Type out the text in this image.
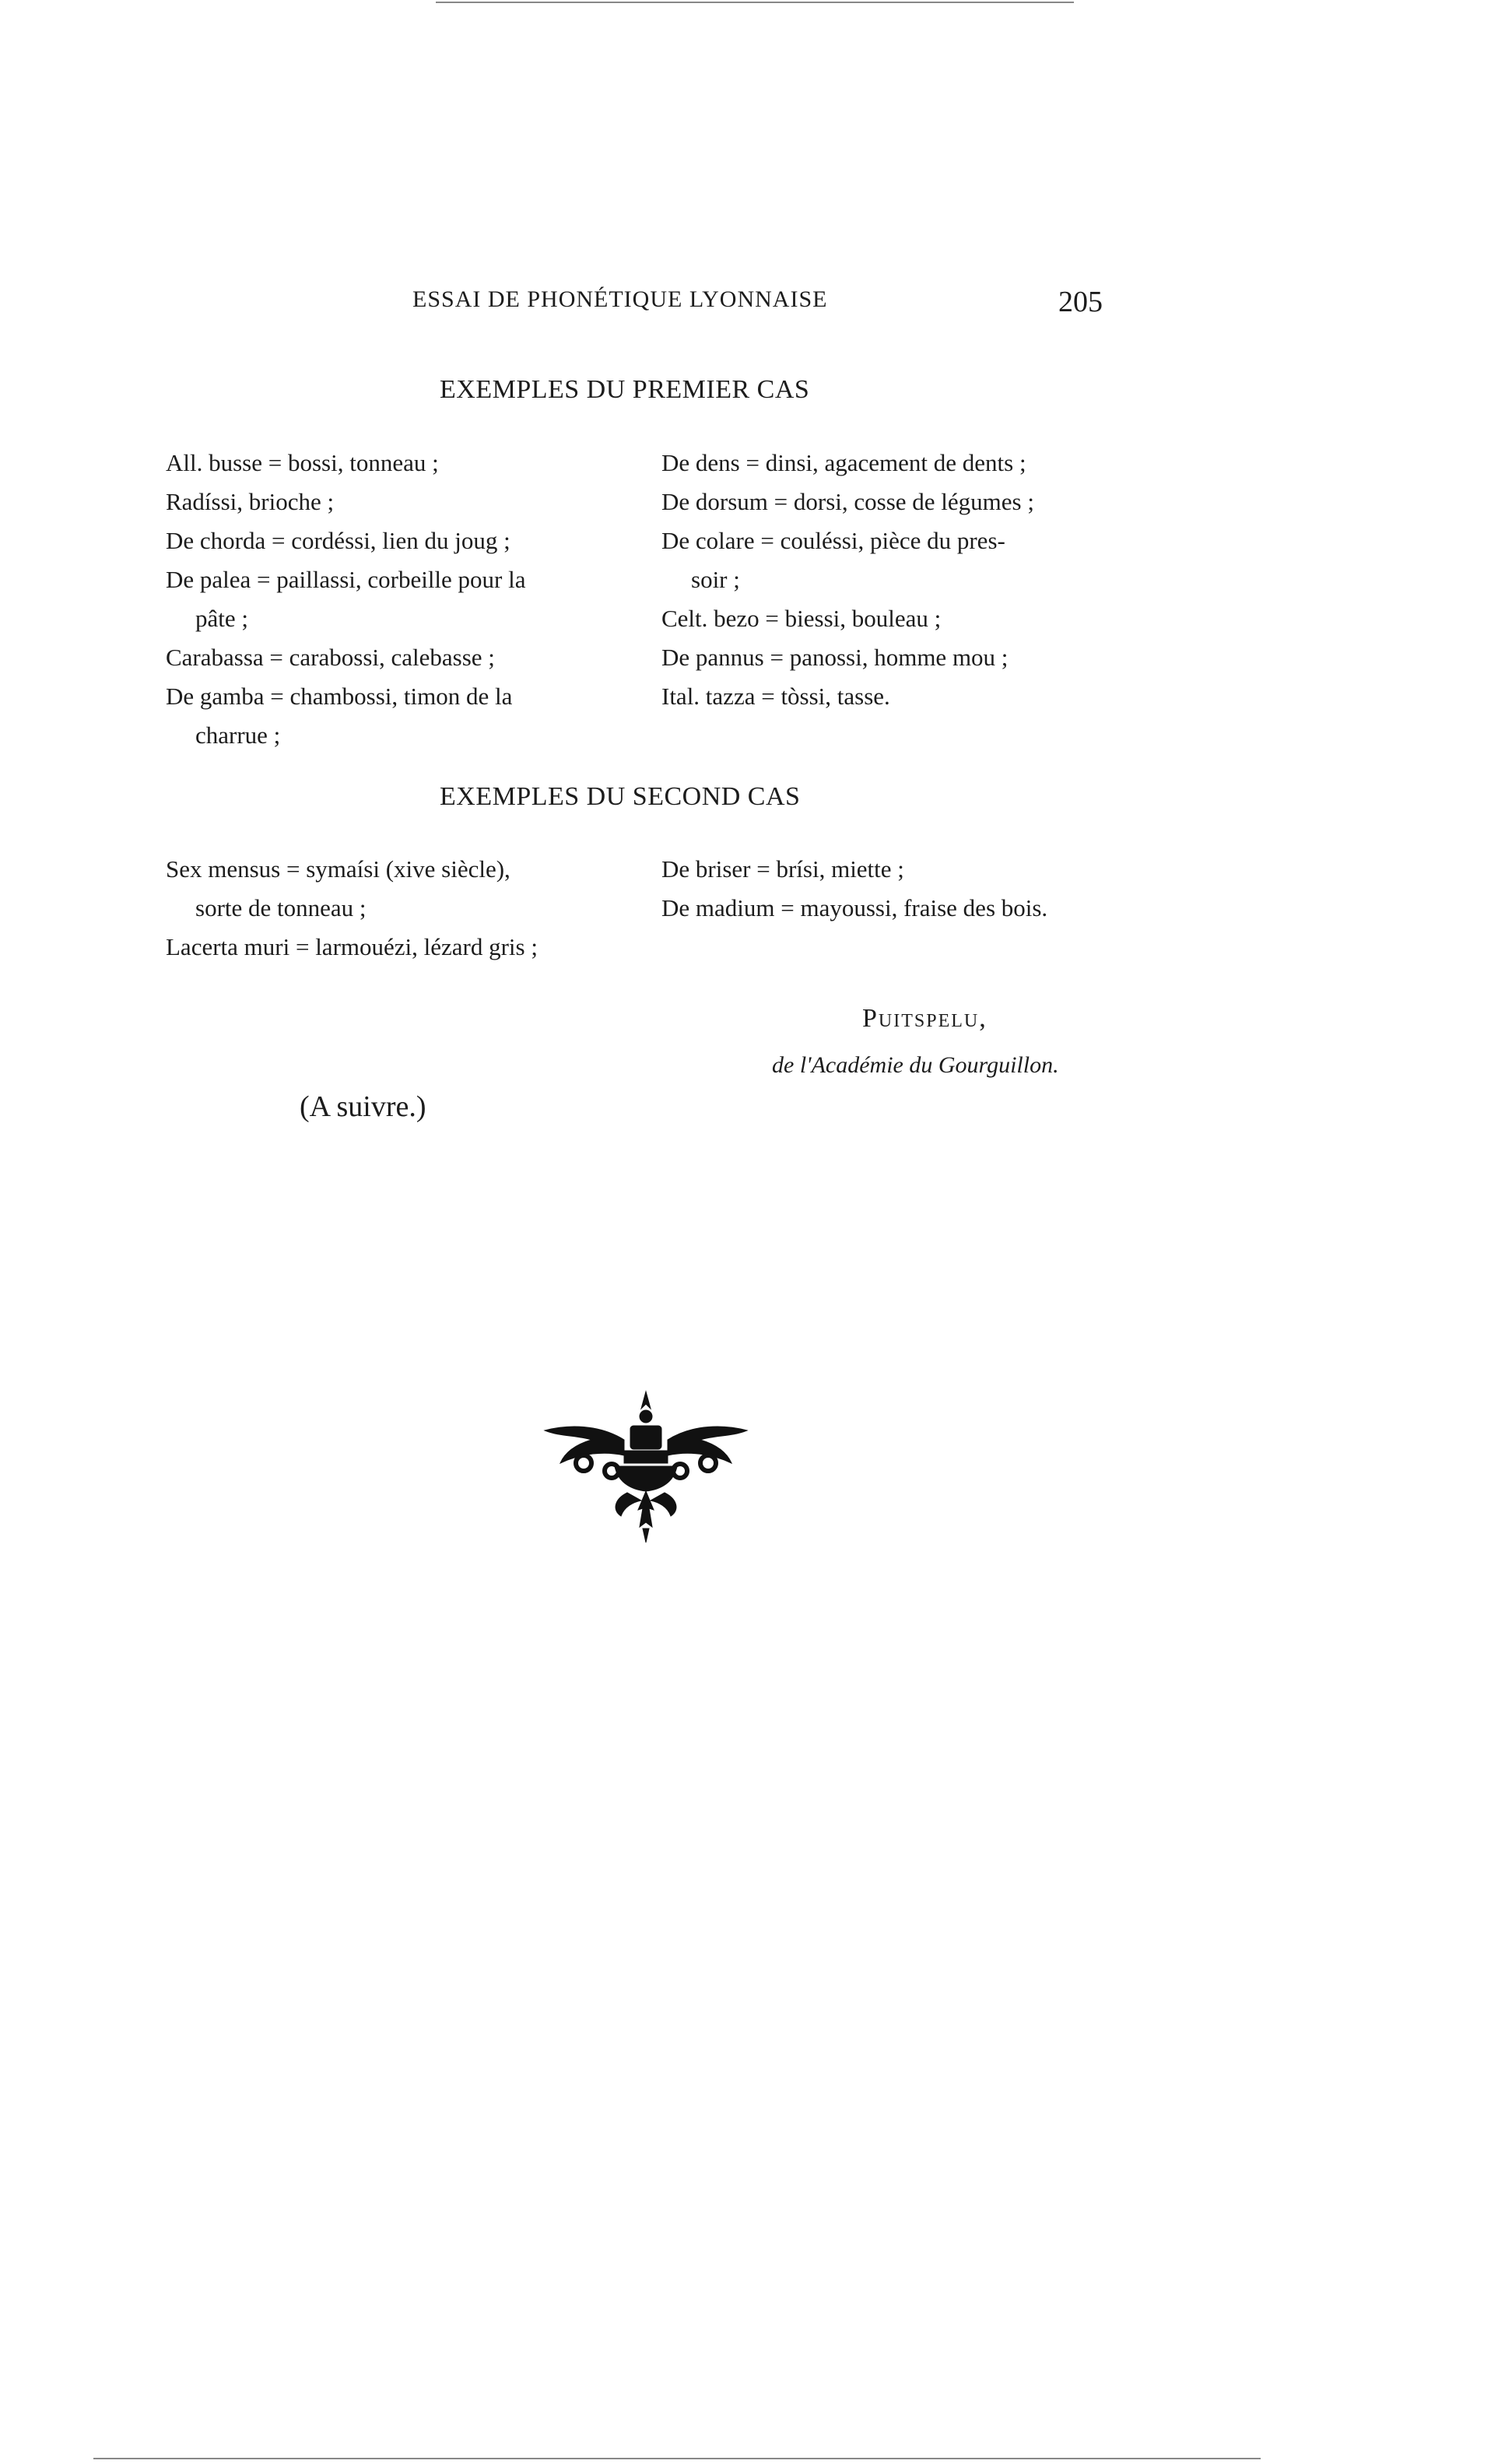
ESSAI DE PHONÉTIQUE LYONNAISE	205
EXEMPLES DU PREMIER CAS
All. busse = bossi, tonneau ;
Radíssi, brioche ;
De chorda = cordéssi, lien du joug ;
De palea = paillassi, corbeille pour la
pâte ;
Carabassa = carabossi, calebasse ;
De gamba = chambossi, timon de la
charrue ;
De dens = dinsi, agacement de dents ;
De dorsum = dorsi, cosse de légumes ;
De colare = couléssi, pièce du pres-
soir ;
Celt. bezo = biessi, bouleau ;
De pannus = panossi, homme mou ;
Ital. tazza = tòssi, tasse.
EXEMPLES DU SECOND CAS
Sex mensus = symaísi (xive siècle),
sorte de tonneau ;
Lacerta muri = larmouézi, lézard gris ;
De briser = brísi, miette ;
De madium = mayoussi, fraise des bois.
Puitspelu,
de l'Académie du Gourguillon.
(A suivre.)
